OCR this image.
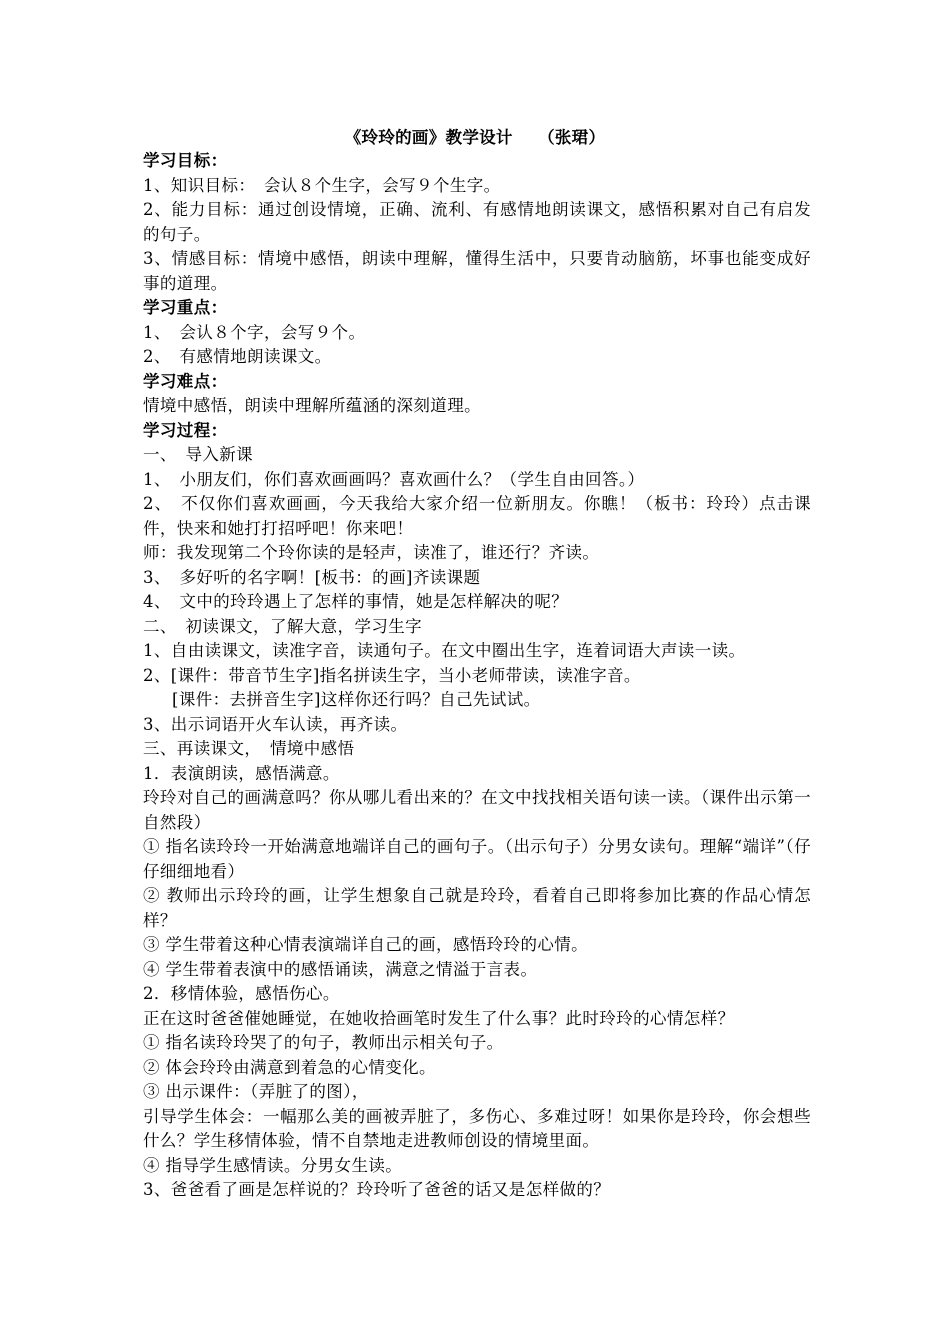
《玲玲的画》教学设计　　（张珺）

学习目标：

1、知识目标：　会认８个生字，会写９个生字。

2、能力目标：通过创设情境，正确、流利、有感情地朗读课文，感悟积累对自己有启发的句子。

3、情感目标：情境中感悟，朗读中理解，懂得生活中，只要肯动脑筋，坏事也能变成好事的道理。

学习重点：

1、　会认８个字，会写９个。

2、　有感情地朗读课文。

学习难点：

情境中感悟，朗读中理解所蕴涵的深刻道理。

学习过程：

一、　导入新课

1、　小朋友们，你们喜欢画画吗？喜欢画什么？（学生自由回答。）

2、　不仅你们喜欢画画，今天我给大家介绍一位新朋友。你瞧！（板书：玲玲）点击课件，快来和她打打招呼吧！你来吧！

师：我发现第二个玲你读的是轻声，读准了，谁还行？齐读。

3、　多好听的名字啊！[板书：的画]齐读课题

4、　文中的玲玲遇上了怎样的事情，她是怎样解决的呢？

二、　初读课文，了解大意，学习生字

1、自由读课文，读准字音，读通句子。在文中圈出生字，连着词语大声读一读。

2、[课件：带音节生字]指名拼读生字，当小老师带读，读准字音。

[课件：去拼音生字]这样你还行吗？自己先试试。

3、出示词语开火车认读，再齐读。

三、再读课文，　情境中感悟

1．表演朗读，感悟满意。

玲玲对自己的画满意吗？你从哪儿看出来的？在文中找找相关语句读一读。（课件出示第一自然段）

① 指名读玲玲一开始满意地端详自己的画句子。（出示句子）分男女读句。理解“端详”（仔仔细细地看）

② 教师出示玲玲的画，让学生想象自己就是玲玲，看着自己即将参加比赛的作品心情怎样？

③ 学生带着这种心情表演端详自己的画，感悟玲玲的心情。

④ 学生带着表演中的感悟诵读，满意之情溢于言表。

2．移情体验，感悟伤心。

正在这时爸爸催她睡觉，在她收拾画笔时发生了什么事？此时玲玲的心情怎样？

① 指名读玲玲哭了的句子，教师出示相关句子。

② 体会玲玲由满意到着急的心情变化。

③ 出示课件：（弄脏了的图），

引导学生体会：一幅那么美的画被弄脏了，多伤心、多难过呀！如果你是玲玲，你会想些什么？学生移情体验，情不自禁地走进教师创设的情境里面。

④ 指导学生感情读。分男女生读。

3、爸爸看了画是怎样说的？玲玲听了爸爸的话又是怎样做的？
